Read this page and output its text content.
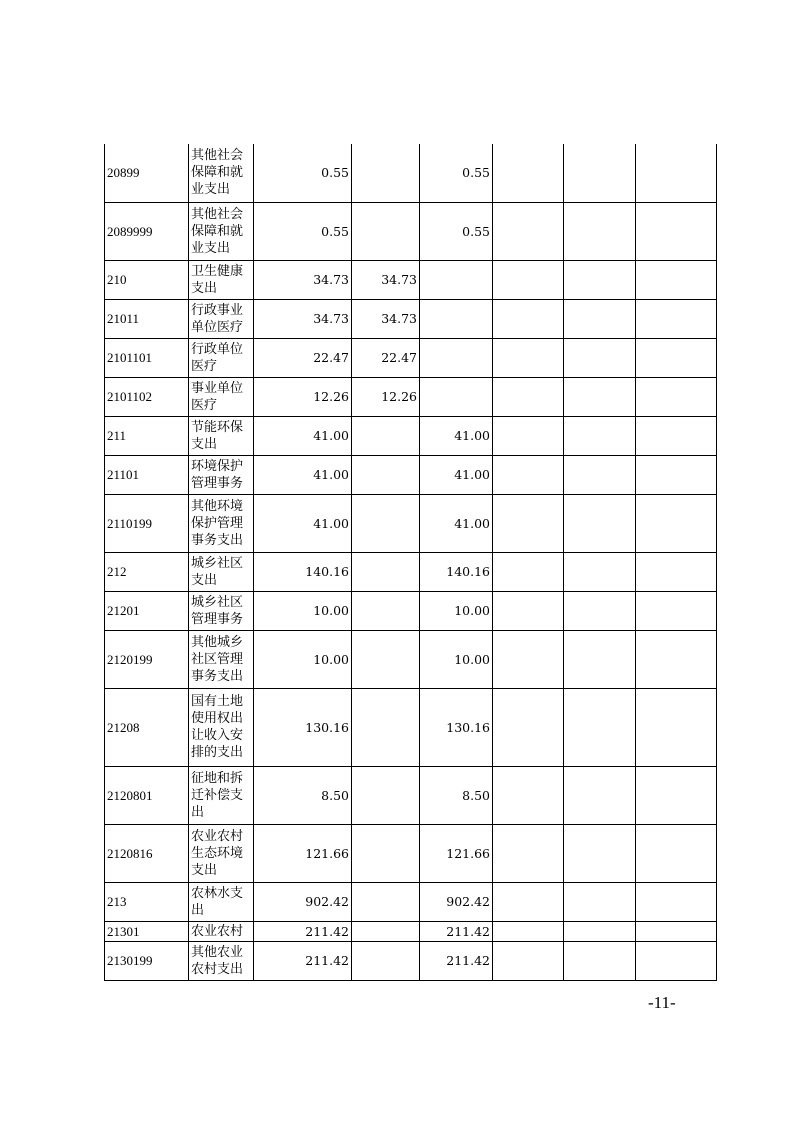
20899	其他社会
保障和就
业支出	0.55		0.55			
2089999	其他社会
保障和就
业支出	0.55		0.55			
210	卫生健康
支出	34.73	34.73				
21011	行政事业
单位医疗	34.73	34.73				
2101101	行政单位
医疗	22.47	22.47				
2101102	事业单位
医疗	12.26	12.26				
211	节能环保
支出	41.00		41.00			
21101	环境保护
管理事务	41.00		41.00			
2110199	其他环境
保护管理
事务支出	41.00		41.00			
212	城乡社区
支出	140.16		140.16			
21201	城乡社区
管理事务	10.00		10.00			
2120199	其他城乡
社区管理
事务支出	10.00		10.00			
21208	国有土地
使用权出
让收入安
排的支出	130.16		130.16			
2120801	征地和拆
迁补偿支
出	8.50		8.50			
2120816	农业农村
生态环境
支出	121.66		121.66			
213	农林水支
出	902.42		902.42			
21301	农业农村	211.42		211.42			
2130199	其他农业
农村支出	211.42		211.42			
-11-
